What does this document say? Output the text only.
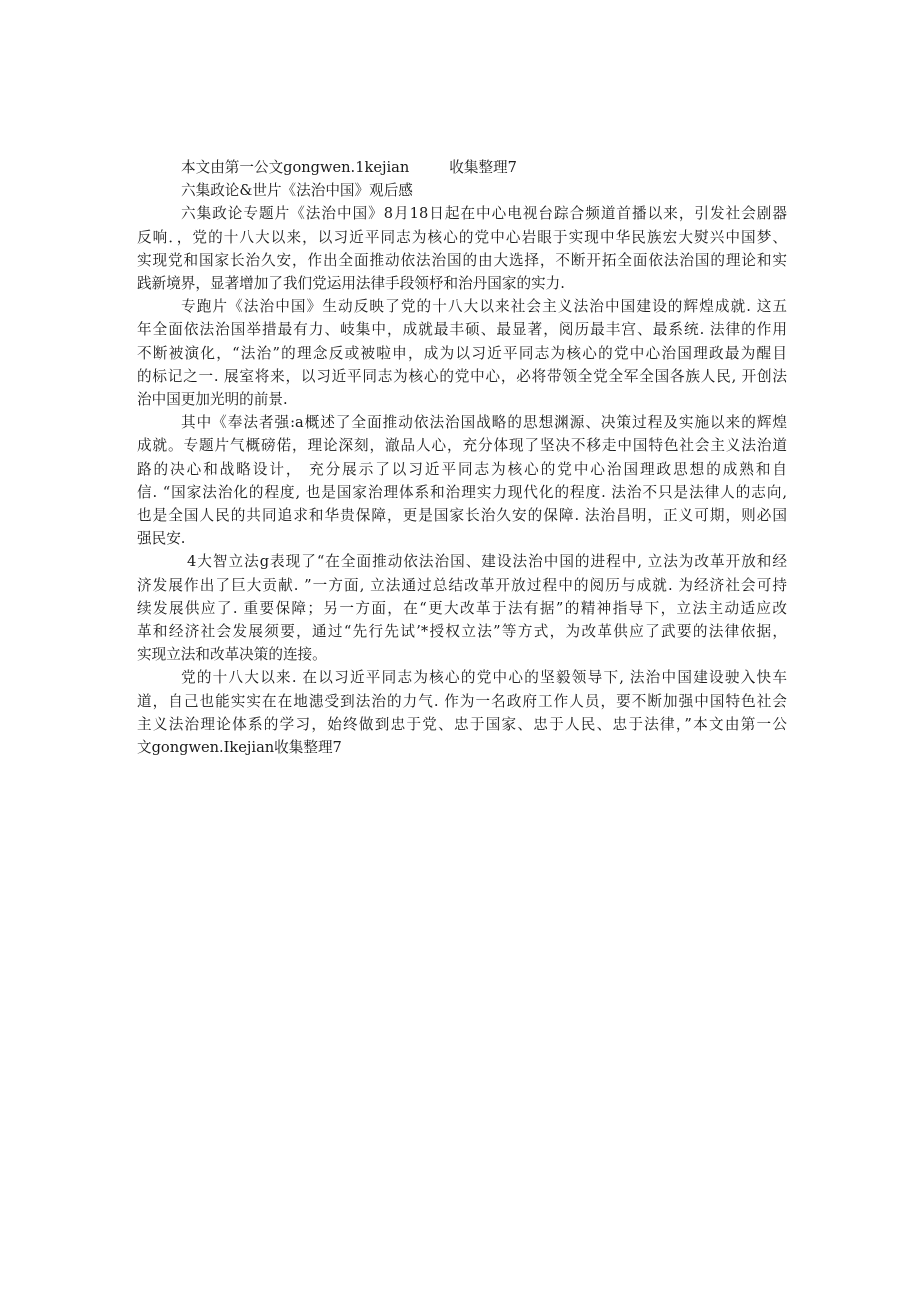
本文由第一公文gongwen.1kejian	收集整理7
六集政论&世片《法治中国》观后感
六集政论专题片《法治中国》8月18日起在中心电视台踪合频道首播以来，引发社会剧器
反响．，党的十八大以来，以习近平同志为核心的党中心岩眼于实现中华民族宏大熨兴中国梦、
实现党和国家长治久安，作出全面推动依法治国的由大选择，不断开拓全面依法治国的理论和实
践新境界，显著增加了我们党运用法律手段领杼和治丹国家的实力.
专跑片《法治中国》生动反映了党的十八大以来社会主义法治中国建设的辉煌成就. 这五
年全面依法治国举措最有力、岐集中，成就最丰硕、最显著，阅历最丰宫、最系统. 法律的作用
不断被演化，“法治”的理念反或被啦申，成为以习近平同志为核心的党中心治国理政最为醒目
的标记之一. 展室将来，以习近平同志为核心的党中心，必将带领全党全军全国各族人民, 开创法
治中国更加光明的前景.
其中《奉法者强:a概述了全面推动依法治国战略的思想渊源、决策过程及实施以来的辉煌
成就。专题片气概磅偌，理论深刻，澈品人心，充分体现了坚决不移走中国特色社会主义法治道
路的决心和战略设计， 充分展示了以习近平同志为核心的党中心治国理政思想的成熟和自
信. “国家法治化的程度, 也是国家治理体系和治理实力现代化的程度. 法治不只是法律人的志向,
也是全国人民的共同追求和华贵保障，更是国家长治久安的保障. 法治昌明，正义可期，则必国
强民安.
4大智立法g表现了“在全面推动依法治国、建设法治中国的进程中, 立法为改革开放和经
济发展作出了巨大贡献. ”一方面, 立法通过总结改革开放过程中的阅历与成就. 为经济社会可持
续发展供应了. 重要保障；另一方面，在“更大改革于法有据”的精神指导下，立法主动适应改
革和经济社会发展须要，通过“先行先试’*授权立法”等方式，为改革供应了武要的法律依据，
实现立法和改革决策的连接。
党的十八大以来. 在以习近平同志为核心的党中心的坚毅领导下, 法治中国建设驶入快车
道，自己也能实实在在地漶受到法治的力气. 作为一名政府工作人员，要不断加强中国特色社会
主义法治理论体系的学习，始终做到忠于党、忠于国家、忠于人民、忠于法律，”本文由第一公
文gongwen.Ikejian收集整理7
